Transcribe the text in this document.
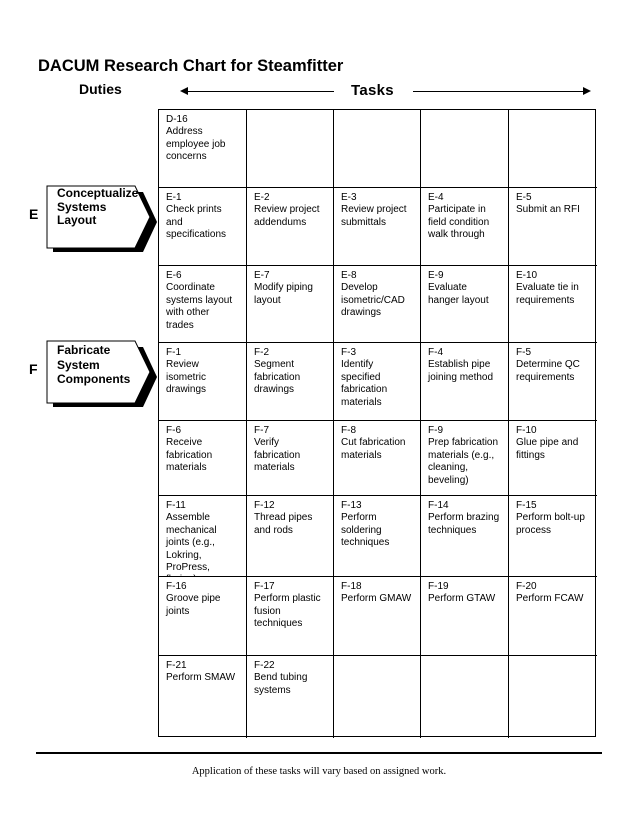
DACUM Research Chart for Steamfitter
Duties	Tasks
E
Conceptualize
Systems
Layout
F
Fabricate
System
Components
D-16
Address
employee job
concerns
E-1
Check prints
and
specifications
E-2
Review project
addendums
E-3
Review project
submittals
E-4
Participate in
field condition
walk through
E-5
Submit an RFI
E-6
Coordinate
systems layout
with other
trades
E-7
Modify piping
layout
E-8
Develop
isometric/CAD
drawings
E-9
Evaluate
hanger layout
E-10
Evaluate tie in
requirements
F-1
Review
isometric
drawings
F-2
Segment
fabrication
drawings
F-3
Identify
specified
fabrication
materials
F-4
Establish pipe
joining method
F-5
Determine QC
requirements
F-6
Receive
fabrication
materials
F-7
Verify
fabrication
materials
F-8
Cut fabrication
materials
F-9
Prep fabrication
materials (e.g.,
cleaning,
beveling)
F-10
Glue pipe and
fittings
F-11
Assemble
mechanical
joints (e.g.,
Lokring,
ProPress,

F-12
Thread pipes
and rods
F-13
Perform
soldering
techniques
F-14
Perform brazing
techniques
F-15
Perform bolt-up
process
F-16
Groove pipe
joints
F-17
Perform plastic
fusion
techniques
F-18
Perform GMAW
F-19
Perform GTAW
F-20
Perform FCAW
F-21
Perform SMAW
F-22
Bend tubing
systems
Application of these tasks will vary based on assigned work.
